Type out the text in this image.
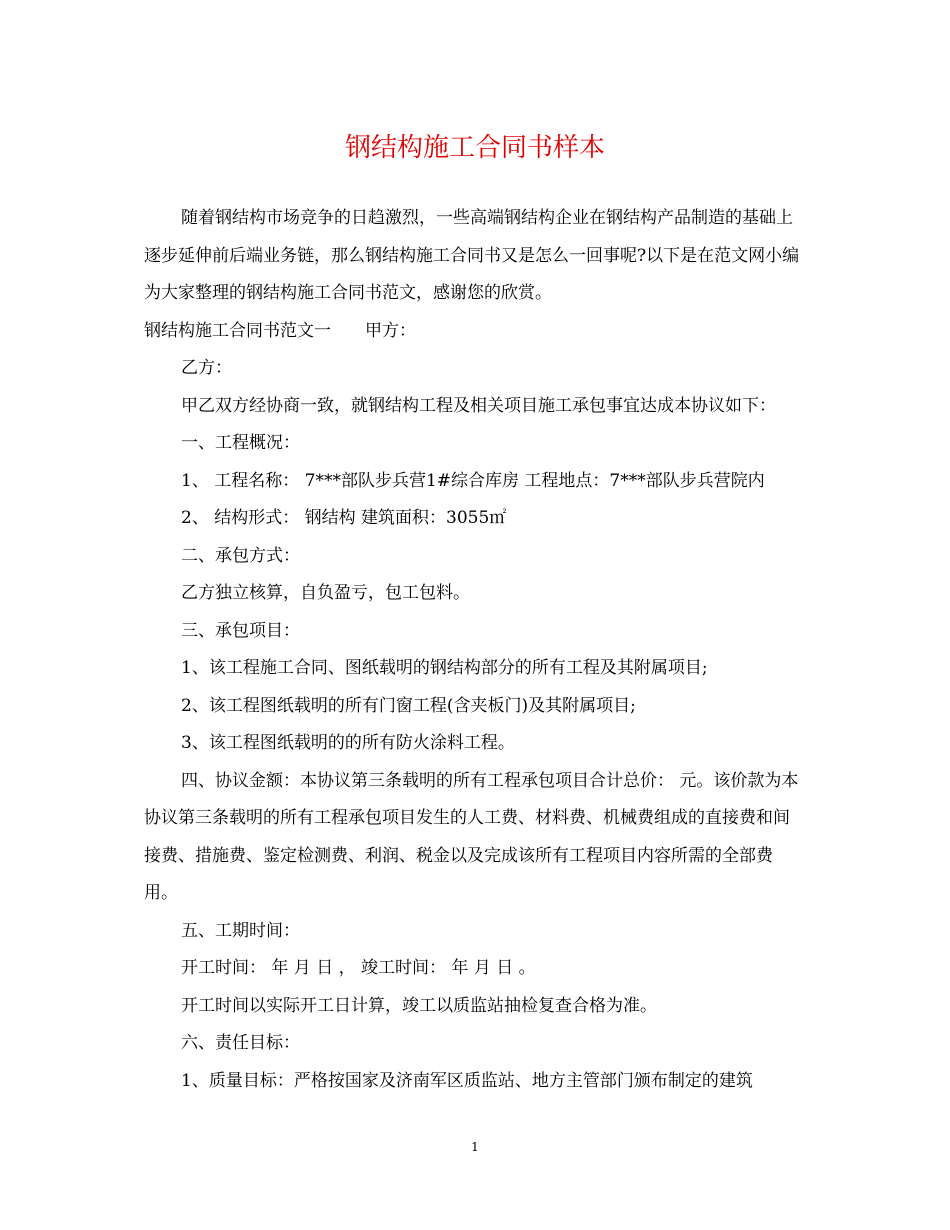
钢结构施工合同书样本

随着钢结构市场竞争的日趋激烈，一些高端钢结构企业在钢结构产品制造的基础上逐步延伸前后端业务链，那么钢结构施工合同书又是怎么一回事呢?以下是在范文网小编为大家整理的钢结构施工合同书范文，感谢您的欣赏。

钢结构施工合同书范文一　　甲方：

乙方：

甲乙双方经协商一致，就钢结构工程及相关项目施工承包事宜达成本协议如下：

一、工程概况：

1、 工程名称： 7***部队步兵营1#综合库房 工程地点：7***部队步兵营院内

2、 结构形式： 钢结构 建筑面积：3055㎡

二、承包方式：

乙方独立核算，自负盈亏，包工包料。

三、承包项目：

1、该工程施工合同、图纸载明的钢结构部分的所有工程及其附属项目;

2、该工程图纸载明的所有门窗工程(含夹板门)及其附属项目;

3、该工程图纸载明的的所有防火涂料工程。

四、协议金额：本协议第三条载明的所有工程承包项目合计总价： 元。该价款为本协议第三条载明的所有工程承包项目发生的人工费、材料费、机械费组成的直接费和间接费、措施费、鉴定检测费、利润、税金以及完成该所有工程项目内容所需的全部费用。

五、工期时间：

开工时间： 年 月 日 ， 竣工时间： 年 月 日 。

开工时间以实际开工日计算，竣工以质监站抽检复查合格为准。

六、责任目标：

1、质量目标：严格按国家及济南军区质监站、地方主管部门颁布制定的建筑

1
